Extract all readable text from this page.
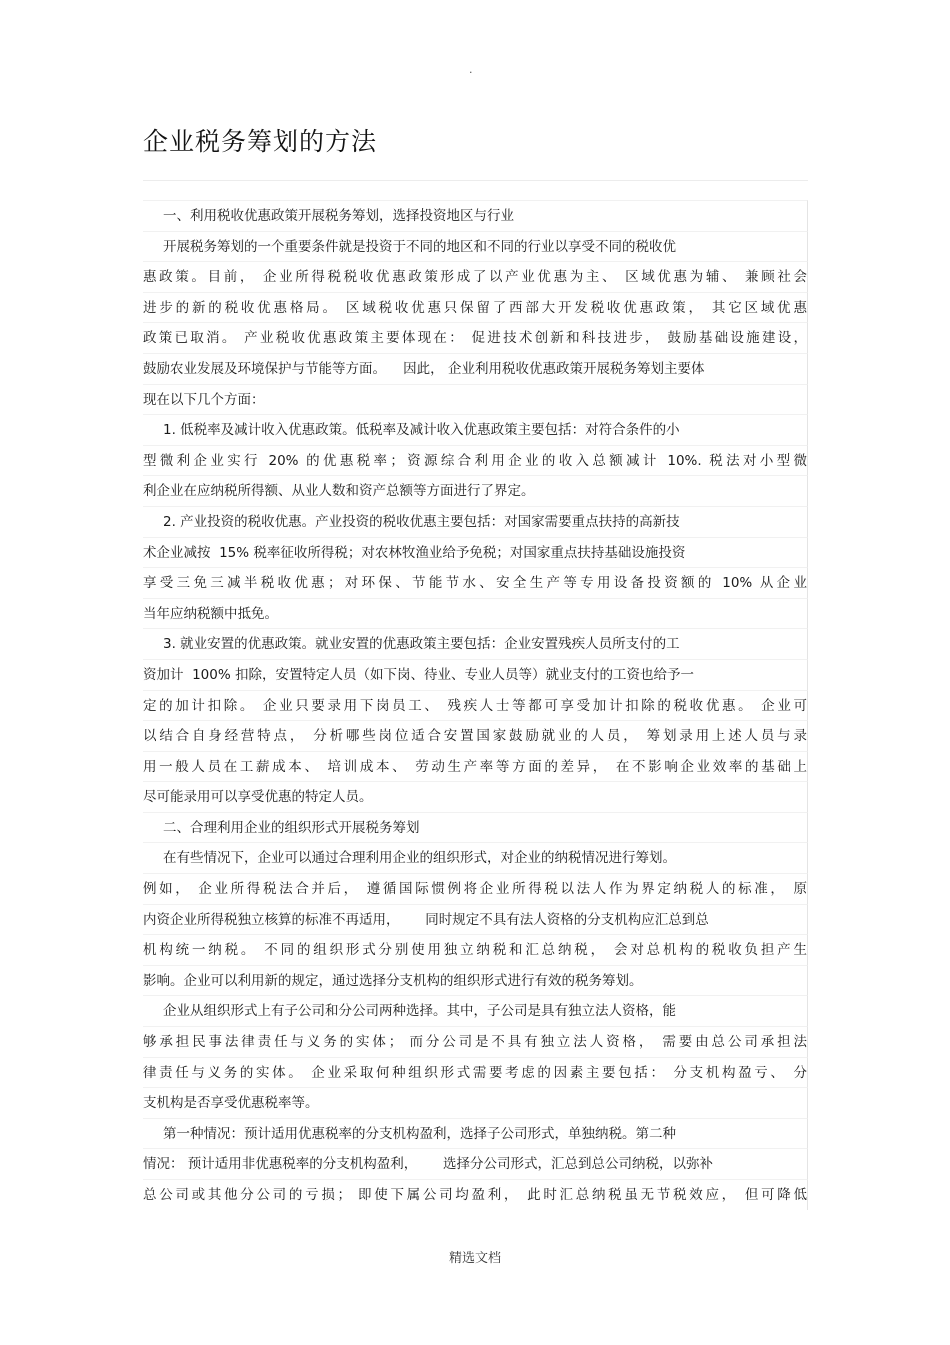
·
企业税务筹划的方法
一、利用税收优惠政策开展税务筹划，选择投资地区与行业
开展税务筹划的一个重要条件就是投资于不同的地区和不同的行业以享受不同的税收优
惠政策。目前， 企业所得税税收优惠政策形成了以产业优惠为主、 区域优惠为辅、 兼顾社会
进步的新的税收优惠格局。 区域税收优惠只保留了西部大开发税收优惠政策， 其它区域优惠
政策已取消。 产业税收优惠政策主要体现在： 促进技术创新和科技进步， 鼓励基础设施建设，
鼓励农业发展及环境保护与节能等方面。    因此， 企业利用税收优惠政策开展税务筹划主要体
现在以下几个方面：
1. 低税率及减计收入优惠政策。低税率及减计收入优惠政策主要包括：对符合条件的小
型微利企业实行 20% 的优惠税率；资源综合利用企业的收入总额减计 10%. 税法对小型微
利企业在应纳税所得额、从业人数和资产总额等方面进行了界定。
2. 产业投资的税收优惠。产业投资的税收优惠主要包括：对国家需要重点扶持的高新技
术企业减按  15% 税率征收所得税；对农林牧渔业给予免税；对国家重点扶持基础设施投资
享受三免三减半税收优惠；对环保、节能节水、安全生产等专用设备投资额的 10% 从企业
当年应纳税额中抵免。
3. 就业安置的优惠政策。就业安置的优惠政策主要包括：企业安置残疾人员所支付的工
资加计  100% 扣除，安置特定人员（如下岗、待业、专业人员等）就业支付的工资也给予一
定的加计扣除。 企业只要录用下岗员工、 残疾人士等都可享受加计扣除的税收优惠。 企业可
以结合自身经营特点， 分析哪些岗位适合安置国家鼓励就业的人员， 筹划录用上述人员与录
用一般人员在工薪成本、 培训成本、 劳动生产率等方面的差异， 在不影响企业效率的基础上
尽可能录用可以享受优惠的特定人员。
二、合理利用企业的组织形式开展税务筹划
在有些情况下，企业可以通过合理利用企业的组织形式，对企业的纳税情况进行筹划。
例如， 企业所得税法合并后， 遵循国际惯例将企业所得税以法人作为界定纳税人的标准， 原
内资企业所得税独立核算的标准不再适用，      同时规定不具有法人资格的分支机构应汇总到总
机构统一纳税。 不同的组织形式分别使用独立纳税和汇总纳税， 会对总机构的税收负担产生
影响。企业可以利用新的规定，通过选择分支机构的组织形式进行有效的税务筹划。
企业从组织形式上有子公司和分公司两种选择。其中，子公司是具有独立法人资格，能
够承担民事法律责任与义务的实体； 而分公司是不具有独立法人资格， 需要由总公司承担法
律责任与义务的实体。 企业采取何种组织形式需要考虑的因素主要包括： 分支机构盈亏、 分
支机构是否享受优惠税率等。
第一种情况：预计适用优惠税率的分支机构盈利，选择子公司形式，单独纳税。第二种
情况： 预计适用非优惠税率的分支机构盈利，      选择分公司形式，汇总到总公司纳税，以弥补
总公司或其他分公司的亏损； 即使下属公司均盈利， 此时汇总纳税虽无节税效应， 但可降低
精选文档
